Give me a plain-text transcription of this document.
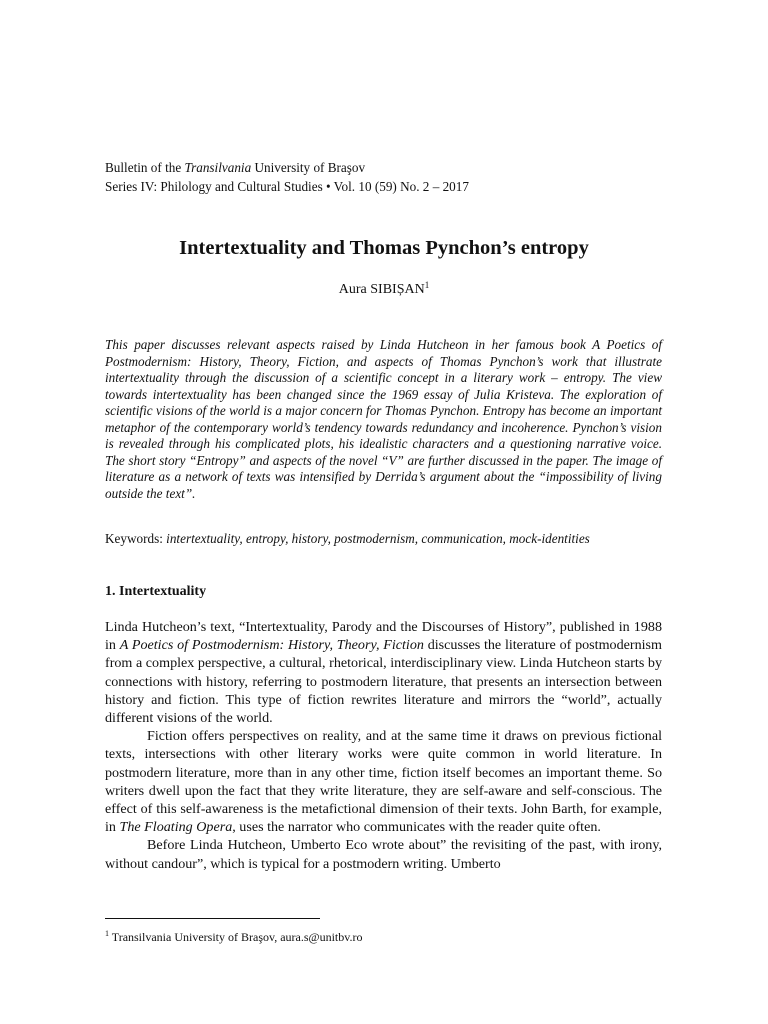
Bulletin of the Transilvania University of Braşov
Series IV: Philology and Cultural Studies • Vol. 10 (59) No. 2 – 2017
Intertextuality and Thomas Pynchon’s entropy
Aura SIBIȘAN$^1$
This paper discusses relevant aspects raised by Linda Hutcheon in her famous book A Poetics of Postmodernism: History, Theory, Fiction, and aspects of Thomas Pynchon’s work that illustrate intertextuality through the discussion of a scientific concept in a literary work – entropy. The view towards intertextuality has been changed since the 1969 essay of Julia Kristeva. The exploration of scientific visions of the world is a major concern for Thomas Pynchon. Entropy has become an important metaphor of the contemporary world’s tendency towards redundancy and incoherence. Pynchon’s vision is revealed through his complicated plots, his idealistic characters and a questioning narrative voice. The short story “Entropy” and aspects of the novel “V” are further discussed in the paper. The image of literature as a network of texts was intensified by Derrida’s argument about the “impossibility of living outside the text”.
Keywords: intertextuality, entropy, history, postmodernism, communication, mock-identities
1. Intertextuality

Linda Hutcheon’s text, “Intertextuality, Parody and the Discourses of History”, published in 1988 in A Poetics of Postmodernism: History, Theory, Fiction discusses the literature of postmodernism from a complex perspective, a cultural, rhetorical, interdisciplinary view. Linda Hutcheon starts by connections with history, referring to postmodern literature, that presents an intersection between history and fiction. This type of fiction rewrites literature and mirrors the “world”, actually different visions of the world.

Fiction offers perspectives on reality, and at the same time it draws on previous fictional texts, intersections with other literary works were quite common in world literature. In postmodern literature, more than in any other time, fiction itself becomes an important theme. So writers dwell upon the fact that they write literature, they are self-aware and self-conscious. The effect of this self-awareness is the metafictional dimension of their texts. John Barth, for example, in The Floating Opera, uses the narrator who communicates with the reader quite often.

Before Linda Hutcheon, Umberto Eco wrote about” the revisiting of the past, with irony, without candour”, which is typical for a postmodern writing. Umberto

$^1$ Transilvania University of Braşov, aura.s@unitbv.ro
